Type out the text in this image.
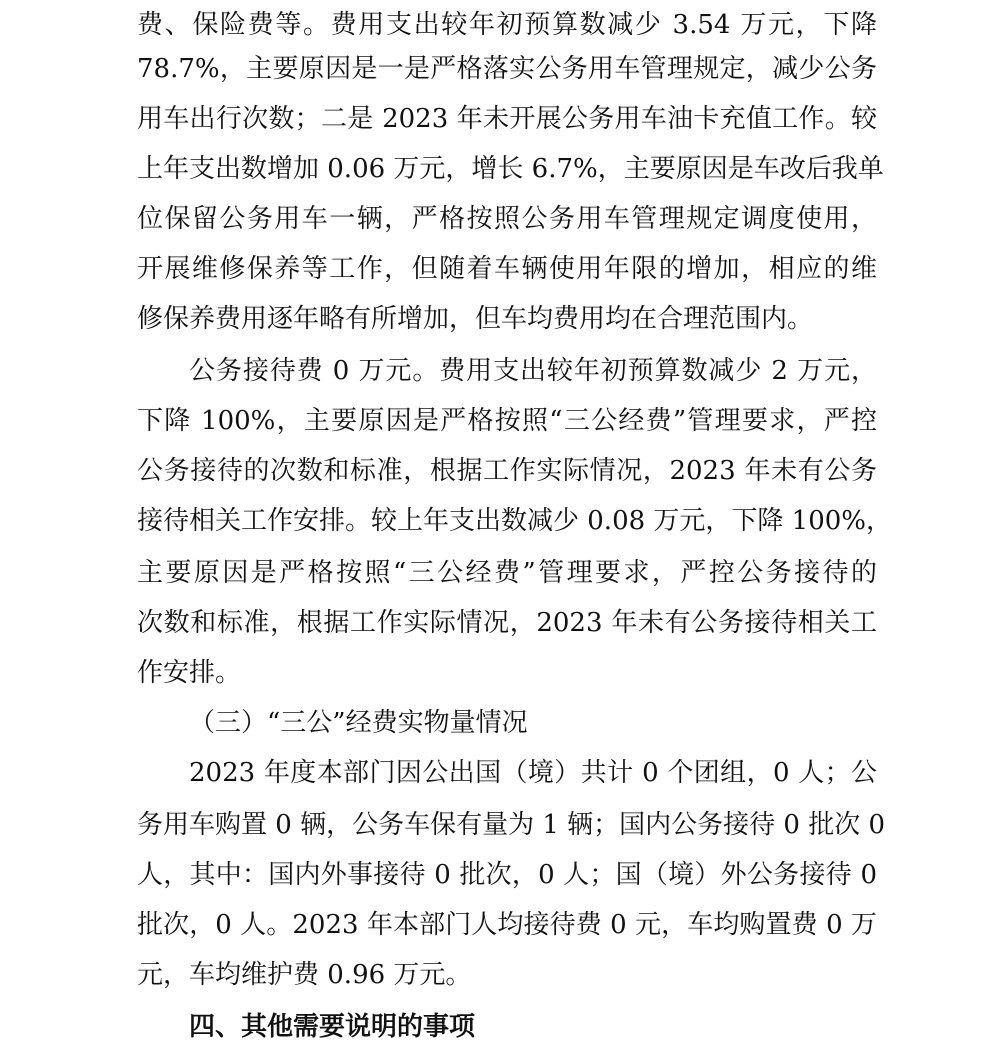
费、保险费等。费用支出较年初预算数减少 3.54 万元，下降
78.7%，主要原因是一是严格落实公务用车管理规定，减少公务
用车出行次数；二是 2023 年未开展公务用车油卡充值工作。较
上年支出数增加 0.06 万元，增长 6.7%，主要原因是车改后我单
位保留公务用车一辆，严格按照公务用车管理规定调度使用，
开展维修保养等工作，但随着车辆使用年限的增加，相应的维
修保养费用逐年略有所增加，但车均费用均在合理范围内。
公务接待费 0 万元。费用支出较年初预算数减少 2 万元，
下降 100%，主要原因是严格按照“三公经费”管理要求，严控
公务接待的次数和标准，根据工作实际情况，2023 年未有公务
接待相关工作安排。较上年支出数减少 0.08 万元，下降 100%，
主要原因是严格按照“三公经费”管理要求，严控公务接待的
次数和标准，根据工作实际情况，2023 年未有公务接待相关工
作安排。
（三）“三公”经费实物量情况
2023 年度本部门因公出国（境）共计 0 个团组，0 人；公
务用车购置 0 辆，公务车保有量为 1 辆；国内公务接待 0 批次 0
人，其中：国内外事接待 0 批次，0 人；国（境）外公务接待 0
批次，0 人。2023 年本部门人均接待费 0 元，车均购置费 0 万
元，车均维护费 0.96 万元。
四、其他需要说明的事项
